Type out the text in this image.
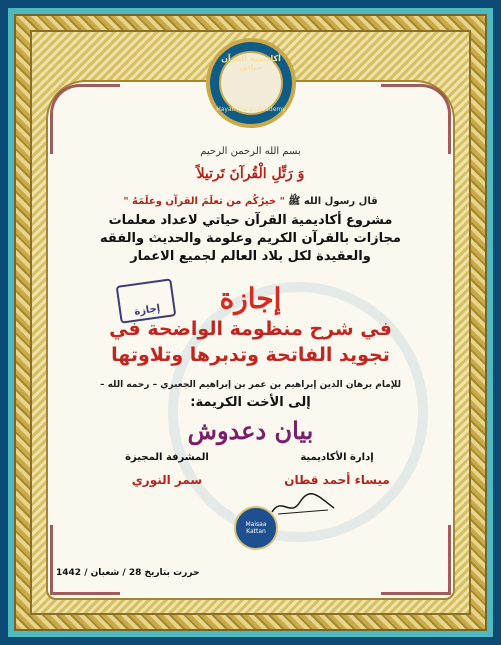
أكاديمية القرآن حياتي
Hayati Quran Academy
بسم الله الرحمن الرحيم
وَ رَتِّلِ الْقُرآنَ تَرتيلاً
قال رسول الله ﷺ " خيرُكُم من تعلَمَ القرآن وعلَمَهُ "
مشروع أكاديمية القرآن حياتي لاعداد معلمات
مجازات بالقرآن الكريم وعلومة والحديث والفقه
والعقيدة لكل بلاد العالم لجميع الاعمار
إجازة	إجازة
في شرح منظومة الواضحة في
تجويد الفاتحة وتدبرها وتلاوتها
للإمام برهان الدين إبراهيم بن عمر بن إبراهيم الجعبري – رحمه الله –
إلى الأخت الكريمة:
بيان دعدوش
إدارة الأكاديمية
ميساء أحمد قطان
المشرفة المجيزة
سمر النوري
Maisaa Kattan
حررت بتاريخ 28 / شعبان / 1442
